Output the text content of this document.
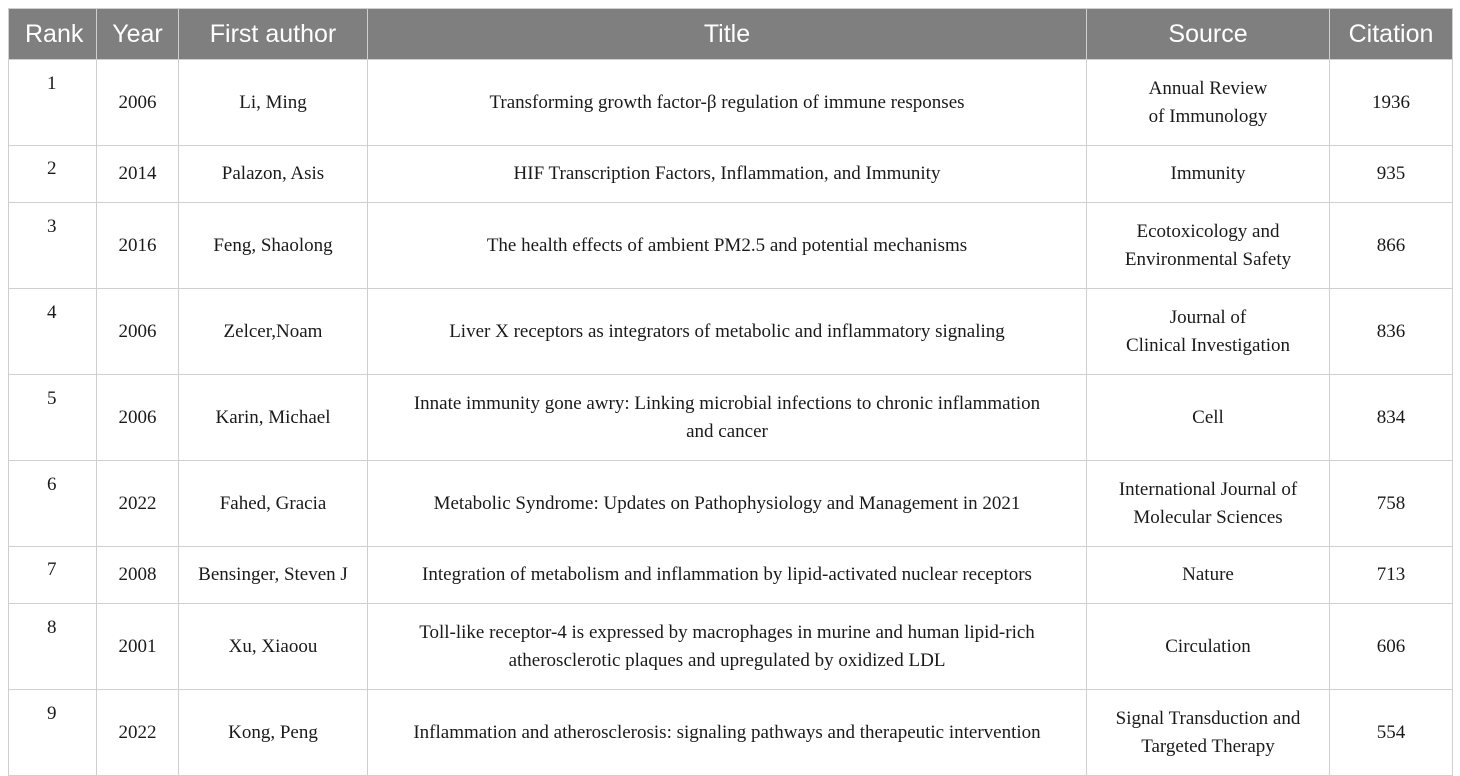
Rank	Year	First author	Title	Source	Citation
1	2006	Li, Ming	Transforming growth factor-β regulation of immune responses	Annual Review
of Immunology	1936
2	2014	Palazon, Asis	HIF Transcription Factors, Inflammation, and Immunity	Immunity	935
3	2016	Feng, Shaolong	The health effects of ambient PM2.5 and potential mechanisms	Ecotoxicology and
Environmental Safety	866
4	2006	Zelcer,Noam	Liver X receptors as integrators of metabolic and inflammatory signaling	Journal of
Clinical Investigation	836
5	2006	Karin, Michael	Innate immunity gone awry: Linking microbial infections to chronic inflammation
and cancer	Cell	834
6	2022	Fahed, Gracia	Metabolic Syndrome: Updates on Pathophysiology and Management in 2021	International Journal of
Molecular Sciences	758
7	2008	Bensinger, Steven J	Integration of metabolism and inflammation by lipid-activated nuclear receptors	Nature	713
8	2001	Xu, Xiaoou	Toll-like receptor-4 is expressed by macrophages in murine and human lipid-rich
atherosclerotic plaques and upregulated by oxidized LDL	Circulation	606
9	2022	Kong, Peng	Inflammation and atherosclerosis: signaling pathways and therapeutic intervention	Signal Transduction and
Targeted Therapy	554
